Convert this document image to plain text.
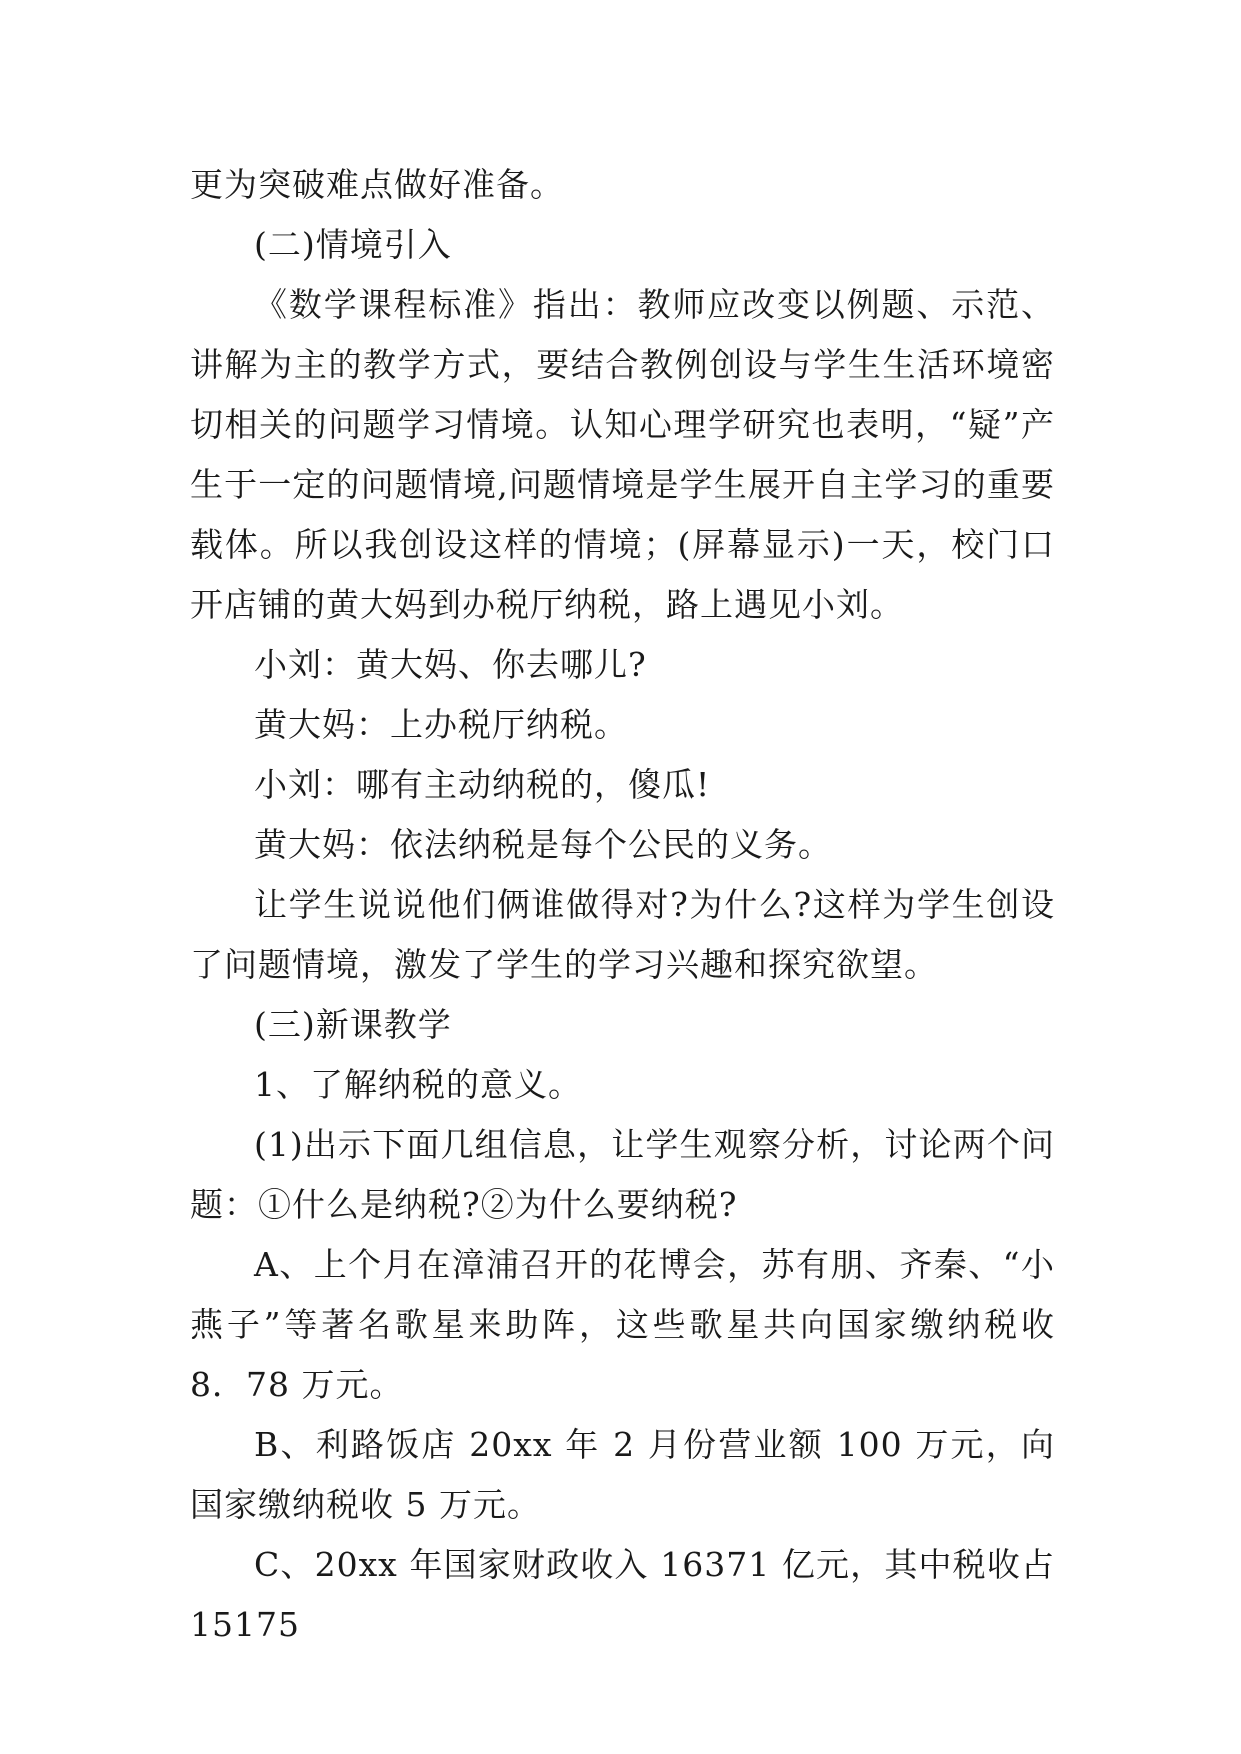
更为突破难点做好准备。

(二)情境引入

《数学课程标准》指出：教师应改变以例题、示范、讲解为主的教学方式，要结合教例创设与学生生活环境密切相关的问题学习情境。认知心理学研究也表明，“疑”产生于一定的问题情境,问题情境是学生展开自主学习的重要载体。所以我创设这样的情境；(屏幕显示)一天，校门口开店铺的黄大妈到办税厅纳税，路上遇见小刘。

小刘：黄大妈、你去哪儿?

黄大妈：上办税厅纳税。

小刘：哪有主动纳税的，傻瓜!

黄大妈：依法纳税是每个公民的义务。

让学生说说他们俩谁做得对?为什么?这样为学生创设了问题情境，激发了学生的学习兴趣和探究欲望。

(三)新课教学

1、了解纳税的意义。

(1)出示下面几组信息，让学生观察分析，讨论两个问题：①什么是纳税?②为什么要纳税?

A、上个月在漳浦召开的花博会，苏有朋、齐秦、“小燕子”等著名歌星来助阵，这些歌星共向国家缴纳税收 8．78 万元。

B、利路饭店 20xx 年 2 月份营业额 100 万元，向国家缴纳税收 5 万元。

C、20xx 年国家财政收入 16371 亿元，其中税收占 15175
